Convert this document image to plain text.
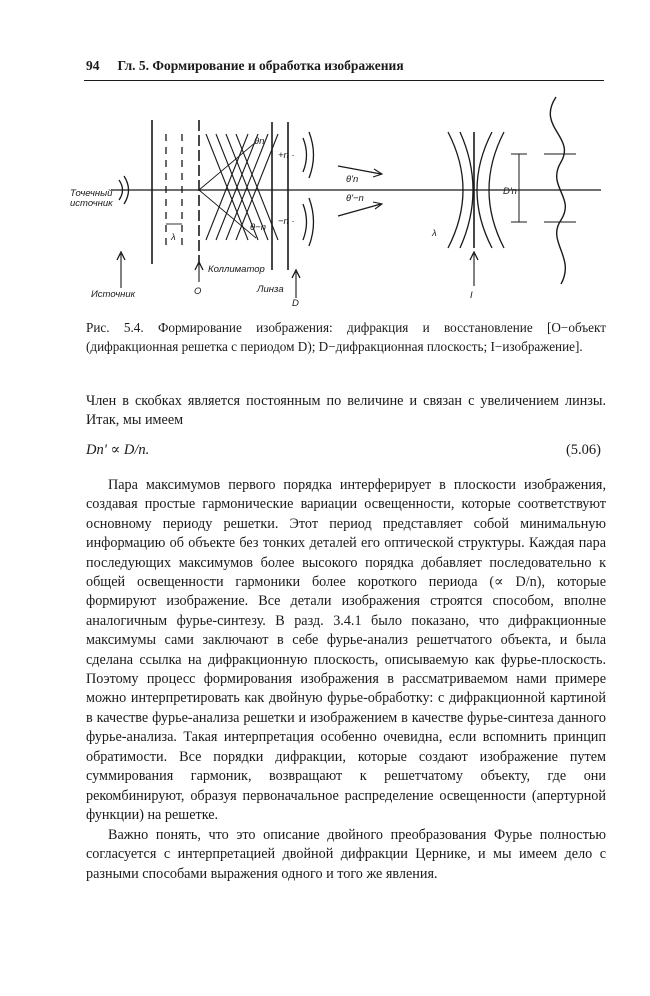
94 Гл. 5. Формирование и обработка изображения
Точечный источник
λ
Коллиматор
Источник	O	Линза
D
θn
θ−n
+n ·
−n ·
θ'n
θ'−n
λ
I
D'n
Рис. 5.4. Формирование изображения: дифракция и восстановление [O−объект (дифракционная решетка с периодом D); D−дифракционная плоскость; I−изображение].

Член в скобках является постоянным по величине и связан с увеличением линзы. Итак, мы имеем

Dn' ∝ D/n.	(5.06)

Пара максимумов первого порядка интерферирует в плоскости изображения, создавая простые гармонические вариации освещенности, которые соответствуют основному периоду решетки. Этот период представляет собой минимальную информацию об объекте без тонких деталей его оптической структуры. Каждая пара последующих максимумов более высокого порядка добавляет последовательно к общей освещенности гармоники более короткого периода (∝ D/n), которые формируют изображение. Все детали изображения строятся способом, вполне аналогичным фурье-синтезу. В разд. 3.4.1 было показано, что дифракционные максимумы сами заключают в себе фурье-анализ решетчатого объекта, и была сделана ссылка на дифракционную плоскость, описываемую как фурье-плоскость. Поэтому процесс формирования изображения в рассматриваемом нами примере можно интерпретировать как двойную фурье-обработку: с дифракционной картиной в качестве фурье-анализа решетки и изображением в качестве фурье-синтеза данного фурье-анализа. Такая интерпретация особенно очевидна, если вспомнить принцип обратимости. Все порядки дифракции, которые создают изображение путем суммирования гармоник, возвращают к решетчатому объекту, где они рекомбинируют, образуя первоначальное распределение освещенности (апертурной функции) на решетке.

Важно понять, что это описание двойного преобразования Фурье полностью согласуется с интерпретацией двойной дифракции Цернике, и мы имеем дело с разными способами выражения одного и того же явления.
